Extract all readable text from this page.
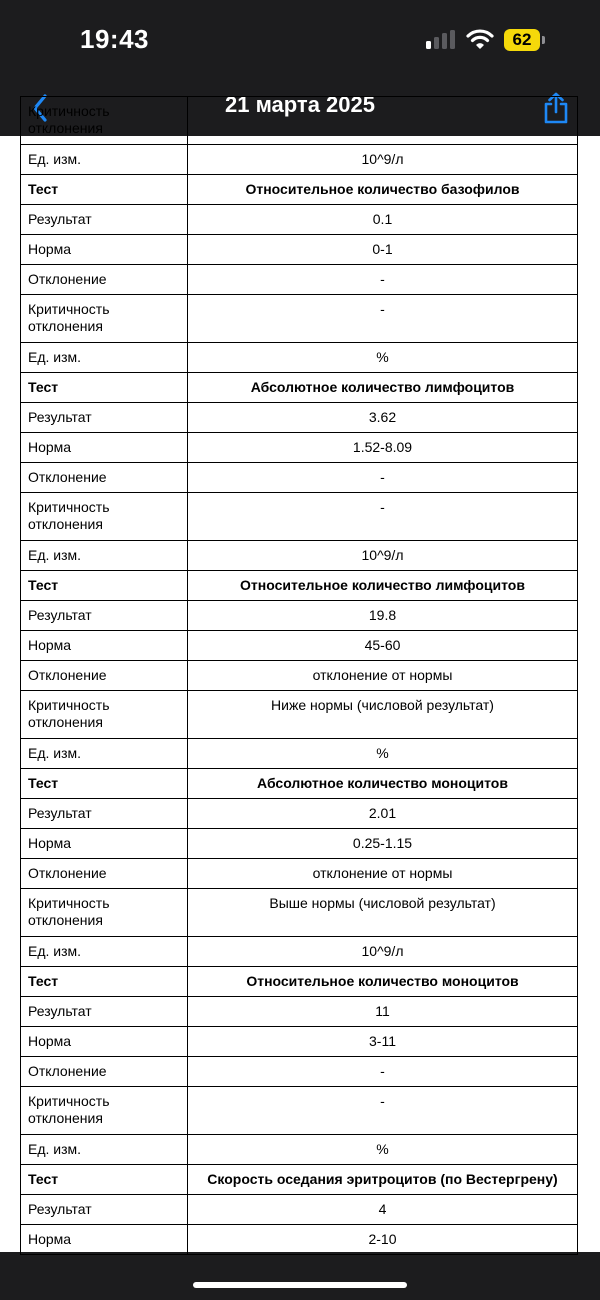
19:43	62
21 марта 2025
Критичность отклонения	
Ед. изм.	10^9/л
Тест	Относительное количество базофилов
Результат	0.1
Норма	0-1
Отклонение	-
Критичность отклонения	-
Ед. изм.	%
Тест	Абсолютное количество лимфоцитов
Результат	3.62
Норма	1.52-8.09
Отклонение	-
Критичность отклонения	-
Ед. изм.	10^9/л
Тест	Относительное количество лимфоцитов
Результат	19.8
Норма	45-60
Отклонение	отклонение от нормы
Критичность отклонения	Ниже нормы (числовой результат)
Ед. изм.	%
Тест	Абсолютное количество моноцитов
Результат	2.01
Норма	0.25-1.15
Отклонение	отклонение от нормы
Критичность отклонения	Выше нормы (числовой результат)
Ед. изм.	10^9/л
Тест	Относительное количество моноцитов
Результат	11
Норма	3-11
Отклонение	-
Критичность отклонения	-
Ед. изм.	%
Тест	Скорость оседания эритроцитов (по Вестергрену)
Результат	4
Норма	2-10
